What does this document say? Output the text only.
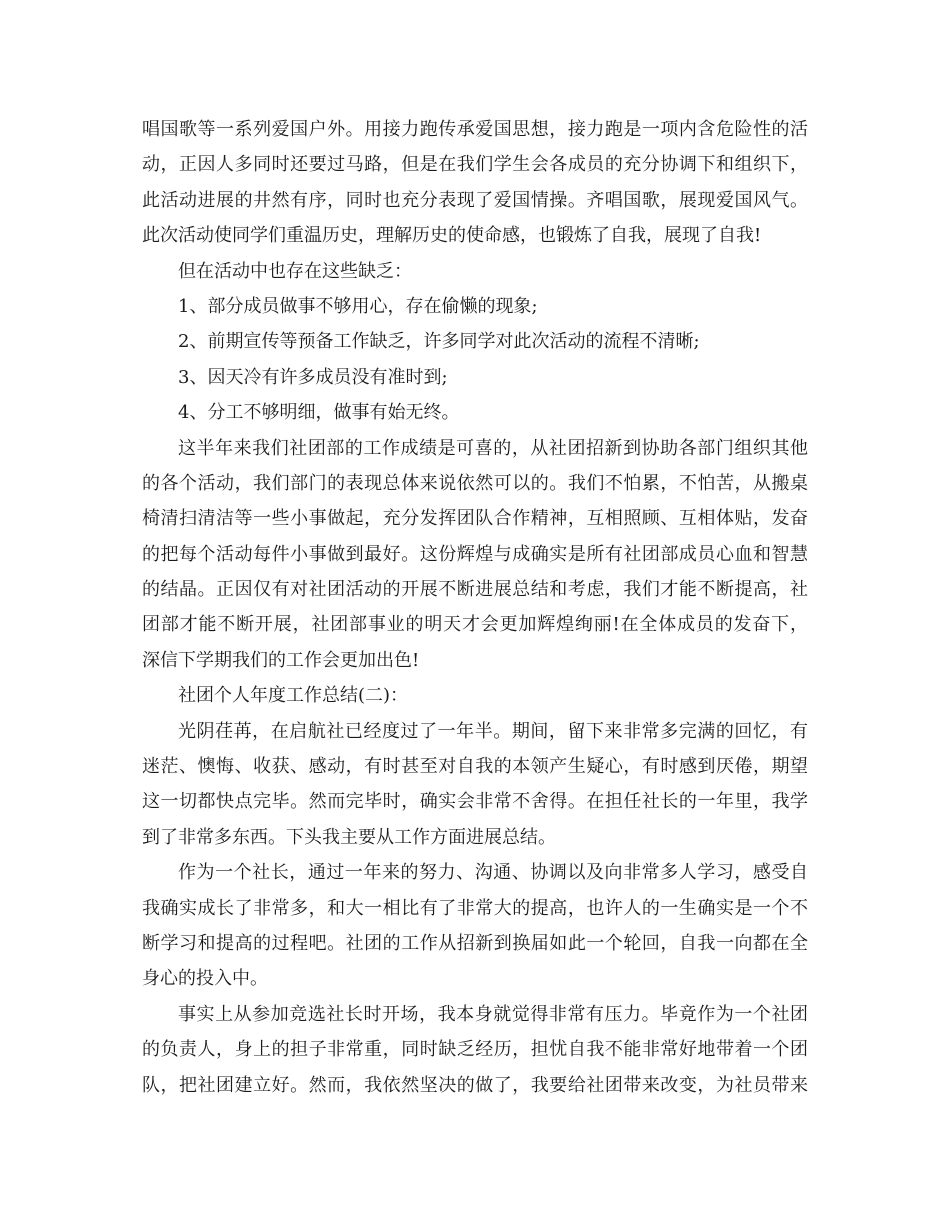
唱国歌等一系列爱国户外。用接力跑传承爱国思想，接力跑是一项内含危险性的活
动，正因人多同时还要过马路，但是在我们学生会各成员的充分协调下和组织下，
此活动进展的井然有序，同时也充分表现了爱国情操。齐唱国歌，展现爱国风气。
此次活动使同学们重温历史，理解历史的使命感，也锻炼了自我，展现了自我!
但在活动中也存在这些缺乏：
1、部分成员做事不够用心，存在偷懒的现象;
2、前期宣传等预备工作缺乏，许多同学对此次活动的流程不清晰;
3、因天冷有许多成员没有准时到;
4、分工不够明细，做事有始无终。
这半年来我们社团部的工作成绩是可喜的，从社团招新到协助各部门组织其他
的各个活动，我们部门的表现总体来说依然可以的。我们不怕累，不怕苦，从搬桌
椅清扫清洁等一些小事做起，充分发挥团队合作精神，互相照顾、互相体贴，发奋
的把每个活动每件小事做到最好。这份辉煌与成确实是所有社团部成员心血和智慧
的结晶。正因仅有对社团活动的开展不断进展总结和考虑，我们才能不断提高，社
团部才能不断开展，社团部事业的明天才会更加辉煌绚丽!在全体成员的发奋下，
深信下学期我们的工作会更加出色!
社团个人年度工作总结(二)：
光阴荏苒，在启航社已经度过了一年半。期间，留下来非常多完满的回忆，有
迷茫、懊悔、收获、感动，有时甚至对自我的本领产生疑心，有时感到厌倦，期望
这一切都快点完毕。然而完毕时，确实会非常不舍得。在担任社长的一年里，我学
到了非常多东西。下头我主要从工作方面进展总结。
作为一个社长，通过一年来的努力、沟通、协调以及向非常多人学习，感受自
我确实成长了非常多，和大一相比有了非常大的提高，也许人的一生确实是一个不
断学习和提高的过程吧。社团的工作从招新到换届如此一个轮回，自我一向都在全
身心的投入中。
事实上从参加竞选社长时开场，我本身就觉得非常有压力。毕竟作为一个社团
的负责人，身上的担子非常重，同时缺乏经历，担忧自我不能非常好地带着一个团
队，把社团建立好。然而，我依然坚决的做了，我要给社团带来改变，为社员带来
